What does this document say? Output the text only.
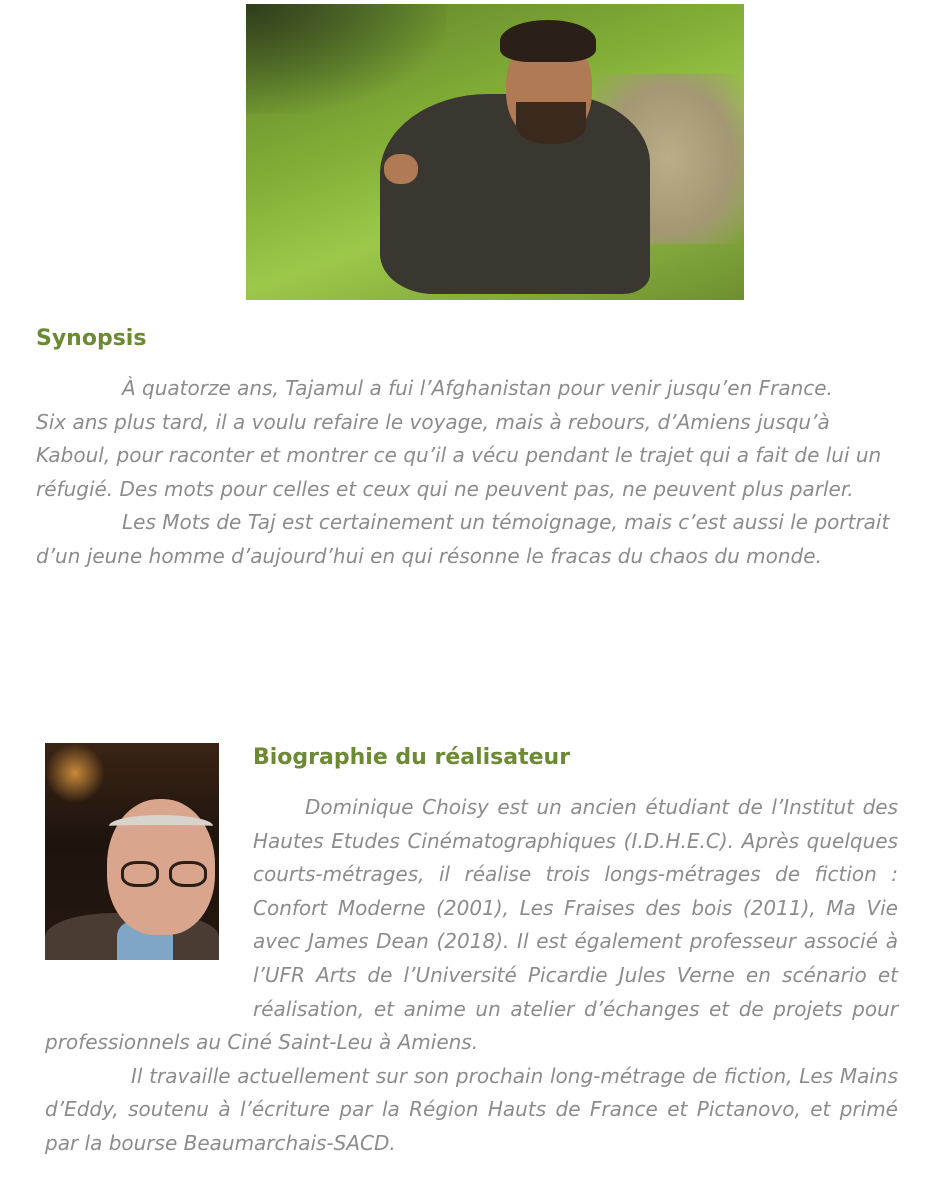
Synopsis

À quatorze ans, Tajamul a fui l’Afghanistan pour venir jusqu’en France.

Six ans plus tard, il a voulu refaire le voyage, mais à rebours, d’Amiens jusqu’à Kaboul, pour raconter et montrer ce qu’il a vécu pendant le trajet qui a fait de lui un réfugié. Des mots pour celles et ceux qui ne peuvent pas, ne peuvent plus parler.

Les Mots de Taj est certainement un témoignage, mais c’est aussi le portrait d’un jeune homme d’aujourd’hui en qui résonne le fracas du chaos du monde.

Biographie du réalisateur

Dominique Choisy est un ancien étudiant de l’Institut des Hautes Etudes Cinématographiques (I.D.H.E.C). Après quelques courts-métrages, il réalise trois longs-métrages de fiction : Confort Moderne (2001), Les Fraises des bois (2011), Ma Vie avec James Dean (2018). Il est également professeur associé à l’UFR Arts de l’Université Picardie Jules Verne en scénario et réalisation, et anime un atelier d’échanges et de projets pour professionnels au Ciné Saint-Leu à Amiens.

Il travaille actuellement sur son prochain long-métrage de fiction, Les Mains d’Eddy, soutenu à l’écriture par la Région Hauts de France et Pictanovo, et primé par la bourse Beaumarchais-SACD.
